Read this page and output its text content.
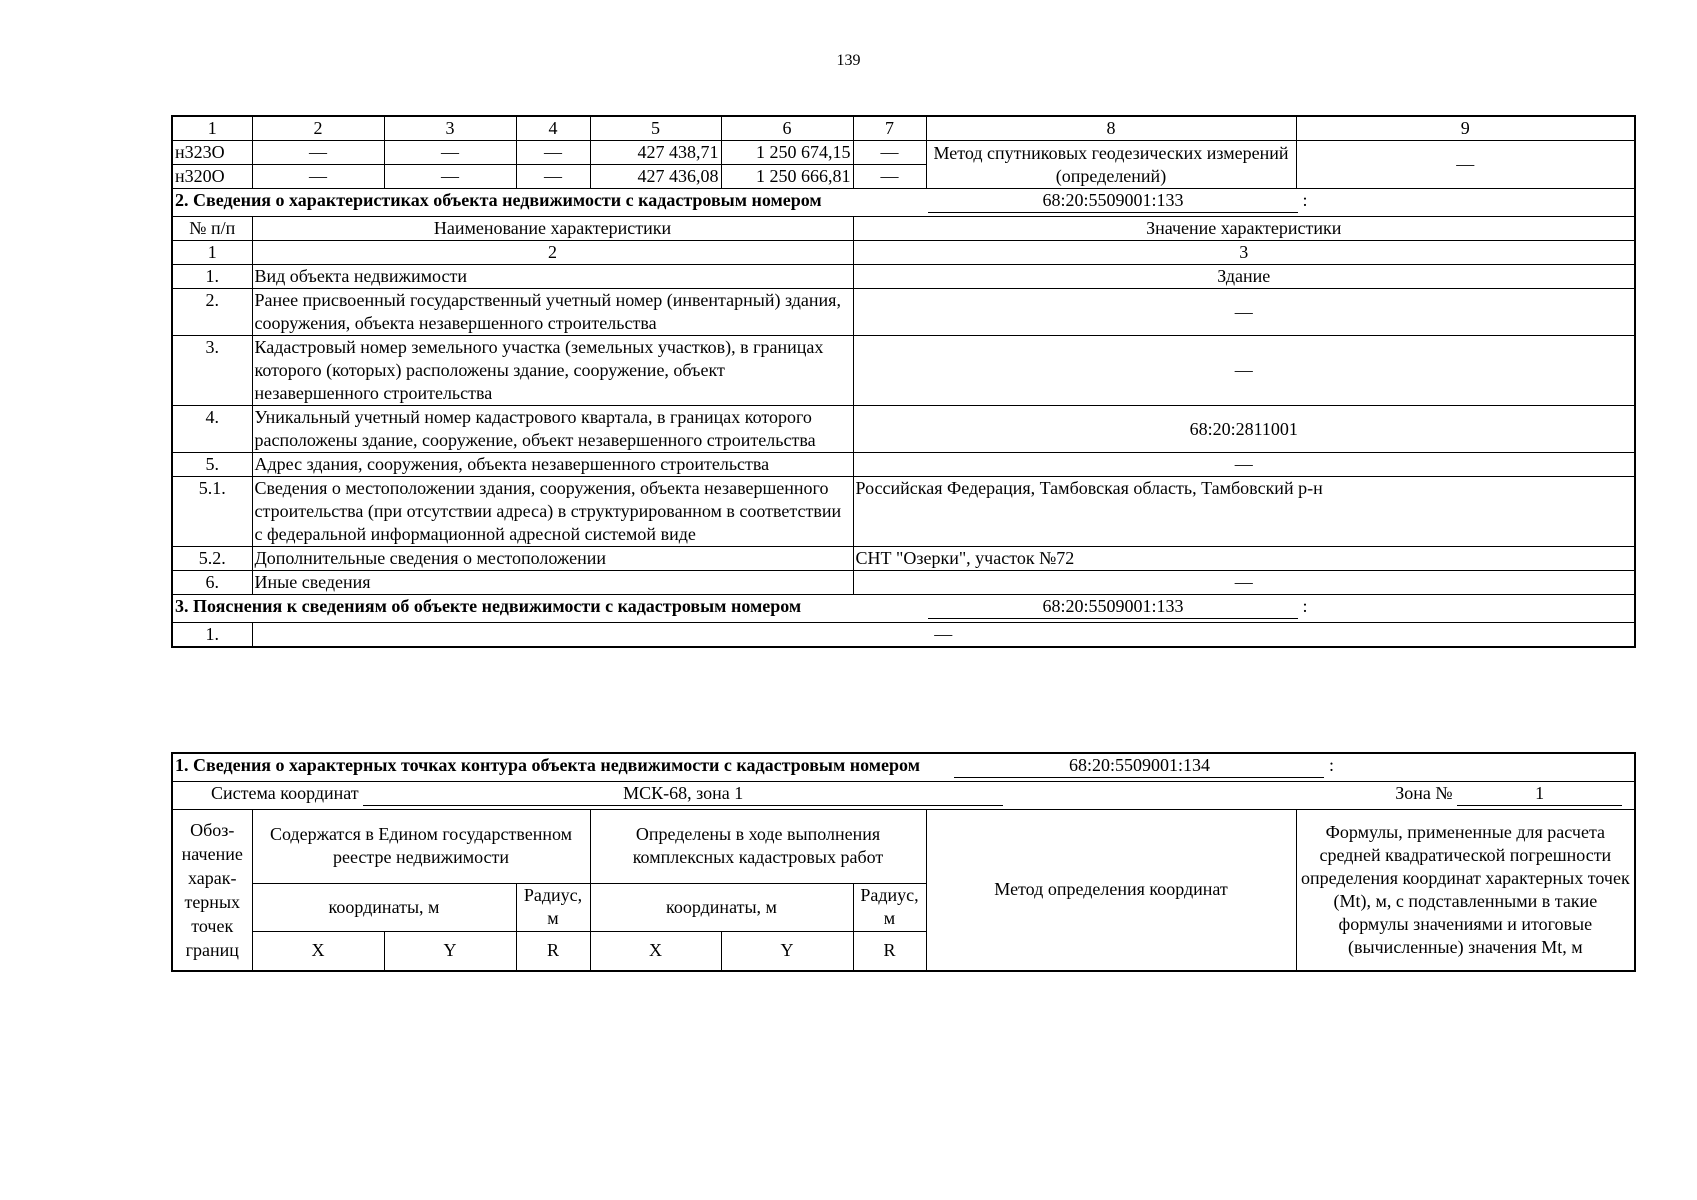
139
1	2	3	4	5	6	7	8	9
н323О	—	—	—	427 438,71	1 250 674,15	—	Метод спутниковых геодезических измерений (определений)	—
н320О	—	—	—	427 436,08	1 250 666,81	—		
2. Сведения о характеристиках объекта недвижимости с кадастровым номером							68:20:5509001:133 :	
№ п/п	Наименование характеристики					Значение характеристики		
1	2					3		
1.	Вид объекта недвижимости					Здание		
2.	Ранее присвоенный государственный учетный номер (инвентарный) здания, сооружения, объекта незавершенного строительства					—		
3.	Кадастровый номер земельного участка (земельных участков), в границах которого (которых) расположены здание, сооружение, объект незавершенного строительства					—		
4.	Уникальный учетный номер кадастрового квартала, в границах которого расположены здание, сооружение, объект незавершенного строительства					68:20:2811001		
5.	Адрес здания, сооружения, объекта незавершенного строительства					—		
5.1.	Сведения о местоположении здания, сооружения, объекта незавершенного строительства (при отсутствии адреса) в структурированном в соответствии с федеральной информационной адресной системой виде					Российская Федерация, Тамбовская область, Тамбовский р-н		
5.2.	Дополнительные сведения о местоположении					СНТ "Озерки", участок №72		
6.	Иные сведения					—		
3. Пояснения к сведениям об объекте недвижимости с кадастровым номером							68:20:5509001:133 :	
1.	—							
1. Сведения о характерных точках контура объекта недвижимости с кадастровым номером 68:20:5509001:134 :								
Система координат МСК-68, зона 1								Зона № 1
Обоз-начение харак-терных точек границ	Содержатся в Едином государственном реестре недвижимости			Определены в ходе выполнения комплексных кадастровых работ			Метод определения координат	Формулы, примененные для расчета средней квадратической погрешности определения координат характерных точек (Mt), м, с подставленными в такие формулы значениями и итоговые (вычисленные) значения Mt, м
	координаты, м		Радиус, м	координаты, м		Радиус, м		
	X	Y	R	X	Y	R		
